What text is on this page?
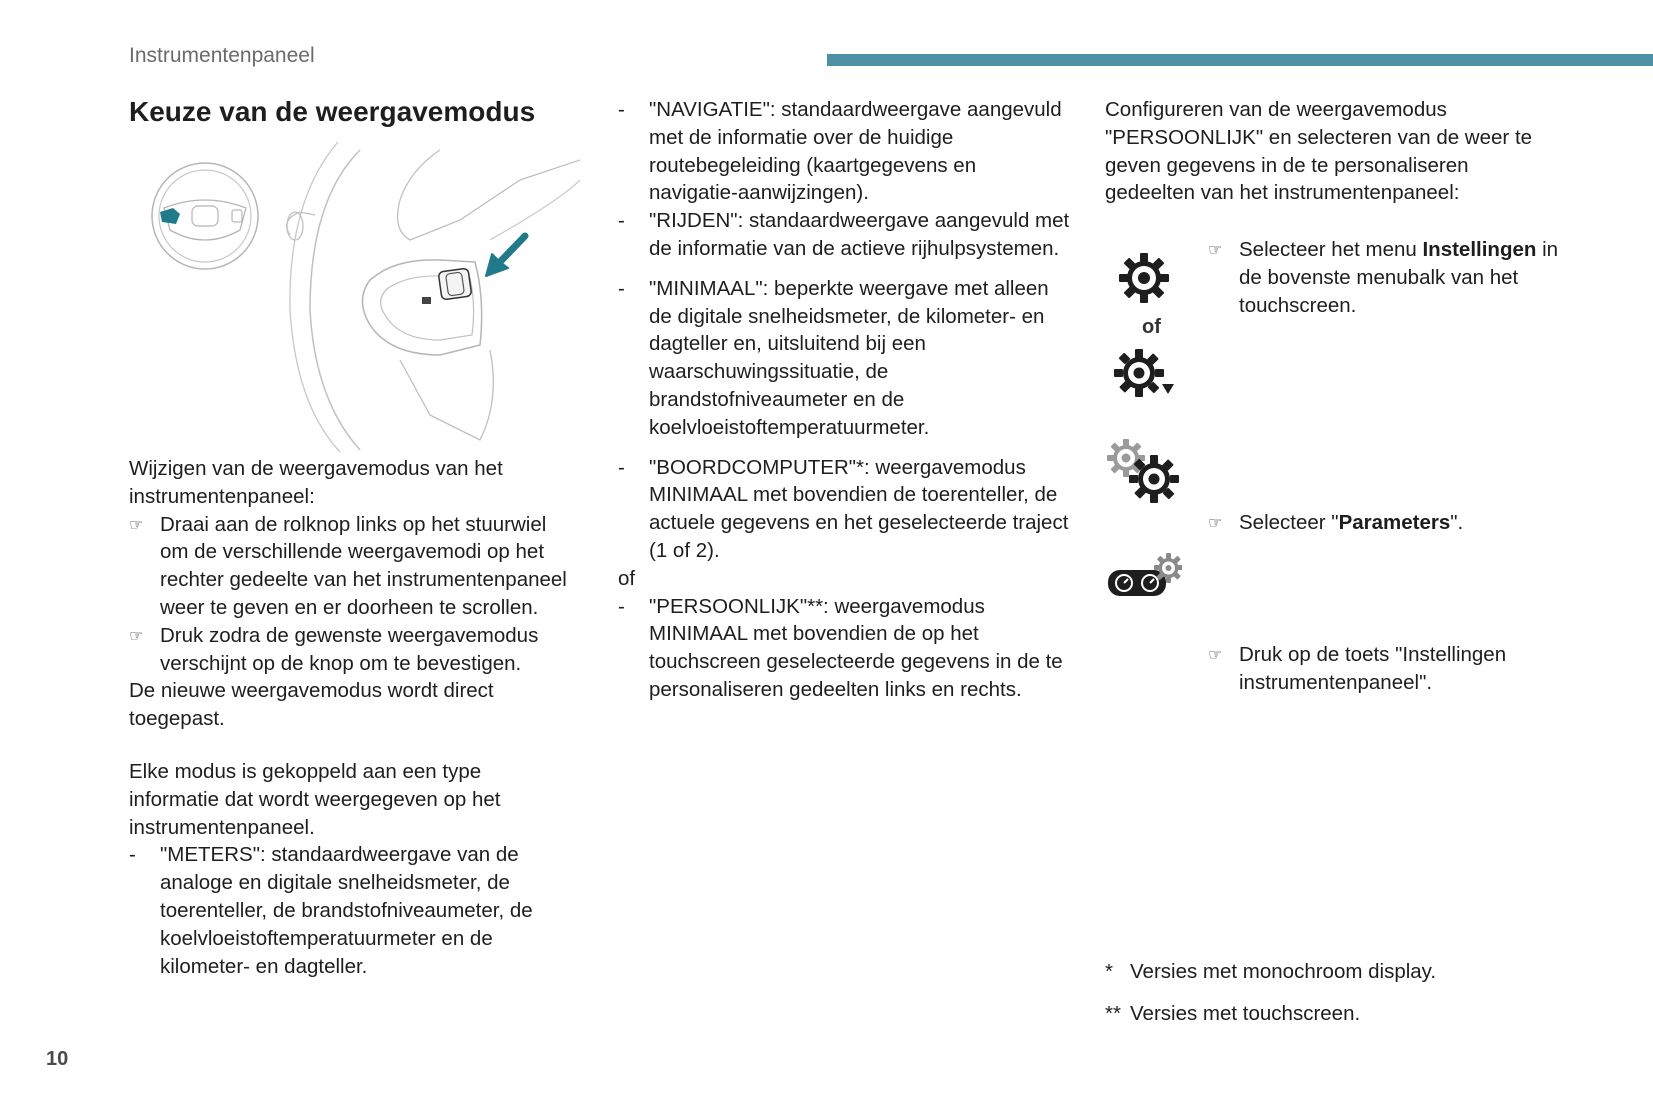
Instrumentenpaneel
Keuze van de weergavemodus

Wijzigen van de weergavemodus van het instrumentenpaneel:

☞ Draai aan de rolknop links op het stuurwiel om de verschillende weergavemodi op het rechter gedeelte van het instrumentenpaneel weer te geven en er doorheen te scrollen.
☞ Druk zodra de gewenste weergavemodus verschijnt op de knop om te bevestigen.

De nieuwe weergavemodus wordt direct toegepast.

Elke modus is gekoppeld aan een type informatie dat wordt weergegeven op het instrumentenpaneel.

- "METERS": standaardweergave van de analoge en digitale snelheidsmeter, de toerenteller, de brandstofniveaumeter, de koelvloeistoftemperatuurmeter en de kilometer- en dagteller.
- "NAVIGATIE": standaardweergave aangevuld met de informatie over de huidige routebegeleiding (kaartgegevens en navigatie-aanwijzingen).
- "RIJDEN": standaardweergave aangevuld met de informatie van de actieve rijhulpsystemen.
- "MINIMAAL": beperkte weergave met alleen de digitale snelheidsmeter, de kilometer- en dagteller en, uitsluitend bij een waarschuwingssituatie, de brandstofniveaumeter en de koelvloeistoftemperatuurmeter.
- "BOORDCOMPUTER"*: weergavemodus MINIMAAL met bovendien de toerenteller, de actuele gegevens en het geselecteerde traject (1 of 2).

of

- "PERSOONLIJK"**: weergavemodus MINIMAAL met bovendien de op het touchscreen geselecteerde gegevens in de te personaliseren gedeelten links en rechts.
Configureren van de weergavemodus "PERSOONLIJK" en selecteren van de weer te geven gegevens in de te personaliseren gedeelten van het instrumentenpaneel:
of
☞ Selecteer het menu Instellingen in de bovenste menubalk van het touchscreen.
☞ Selecteer "Parameters".
☞ Druk op de toets "Instellingen instrumentenpaneel".
* Versies met monochroom display.
** Versies met touchscreen.
10
